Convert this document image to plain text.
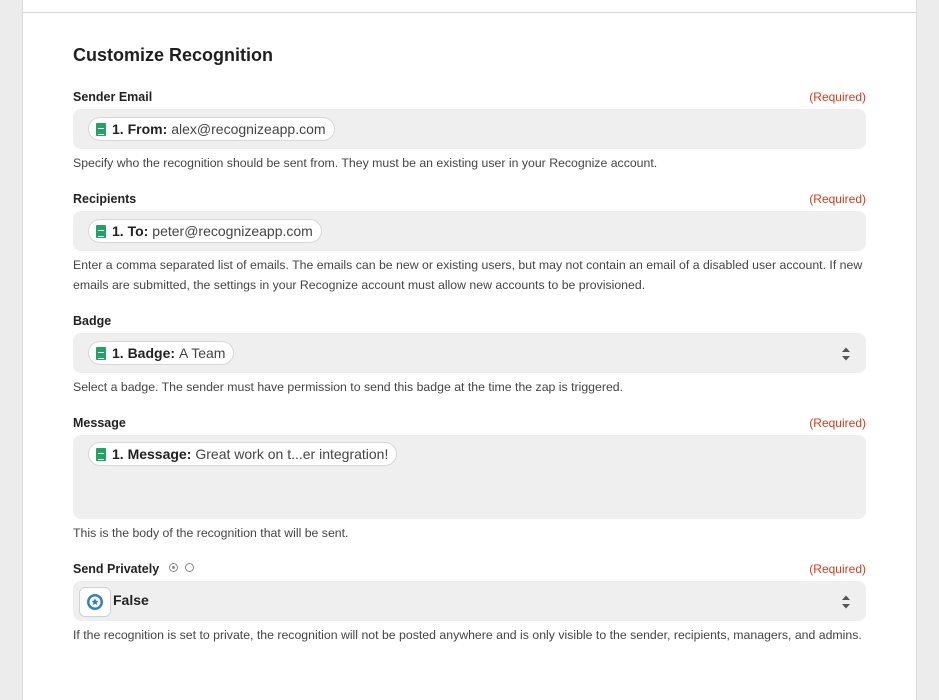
Customize Recognition
Sender Email	(Required)
1. From: alex@recognizeapp.com
Specify who the recognition should be sent from. They must be an existing user in your Recognize account.
Recipients	(Required)
1. To: peter@recognizeapp.com
Enter a comma separated list of emails. The emails can be new or existing users, but may not contain an email of a disabled user account. If new emails are submitted, the settings in your Recognize account must allow new accounts to be provisioned.
Badge
1. Badge: A Team
Select a badge. The sender must have permission to send this badge at the time the zap is triggered.
Message	(Required)
1. Message: Great work on t...er integration!
This is the body of the recognition that will be sent.
Send Privately	(Required)
False
If the recognition is set to private, the recognition will not be posted anywhere and is only visible to the sender, recipients, managers, and admins.
